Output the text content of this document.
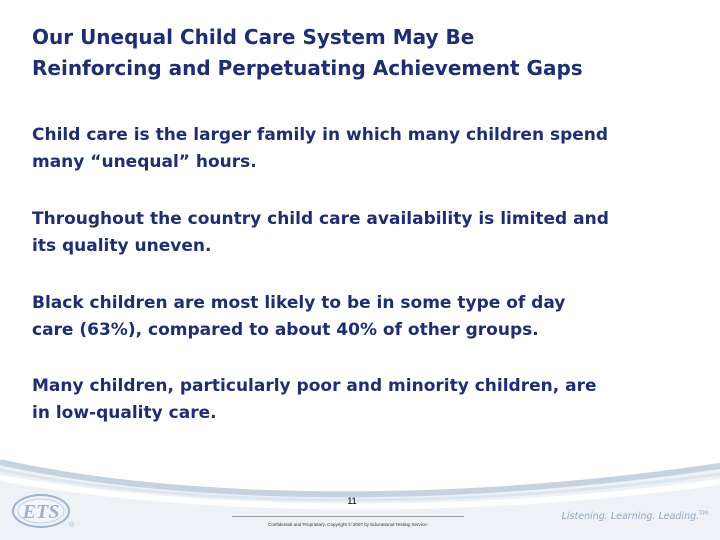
Our Unequal Child Care System May Be
Reinforcing and Perpetuating Achievement Gaps
Child care is the larger family in which many children spend
many “unequal” hours.
Throughout the country child care availability is limited and
its quality uneven.
Black children are most likely to be in some type of day
care (63%), compared to about 40% of other groups.
Many children, particularly poor and minority children, are
in low-quality care.
ETS
®
11
Confidential and Proprietary. Copyright © 2007 by Educational Testing Service.
Listening. Learning. Leading.™
